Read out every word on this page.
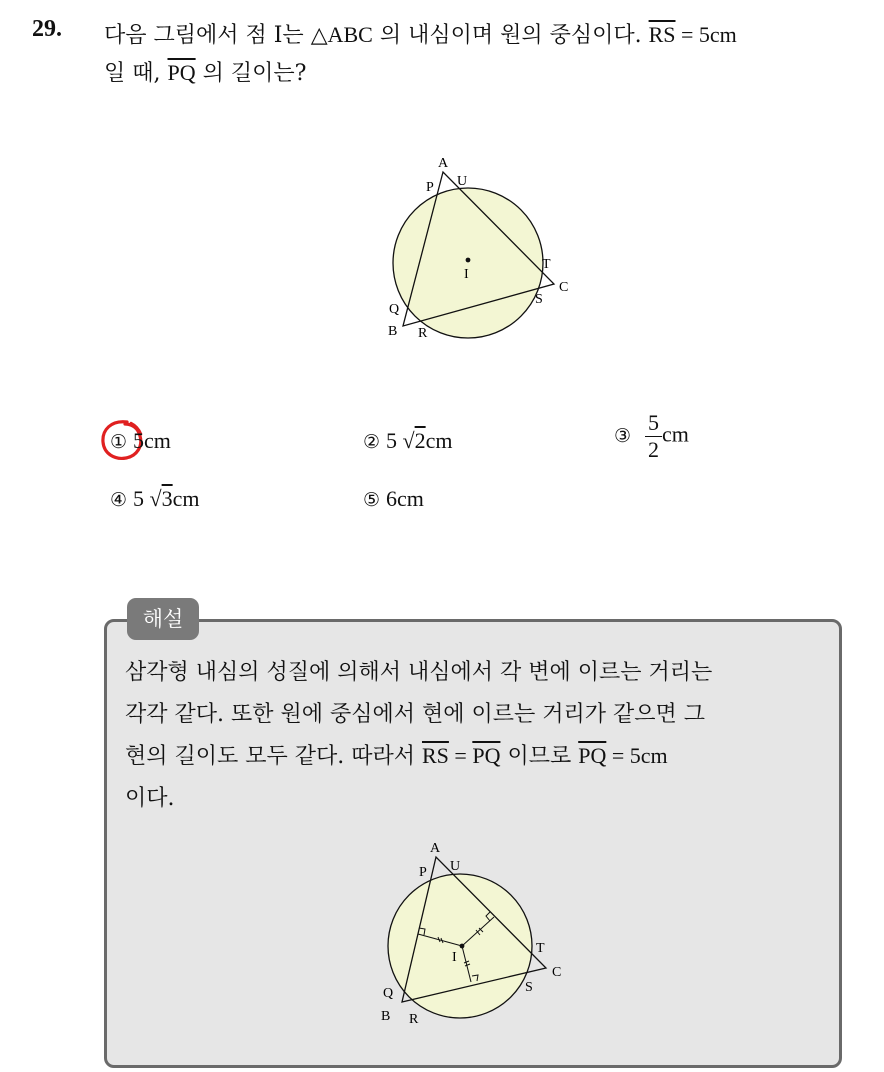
29. 다음 그림에서 점 I는 △ABC 의 내심이며 원의 중심이다. $\overline{RS} = 5cm$
일 때, $\overline{PQ}$ 의 길이는?
A
P U
T
C
S
I
Q
B R
① 5cm	② 5 √2cm	③ $\frac{5}{2}$ cm
④ 5 √3cm	⑤ 6cm
해설
삼각형 내심의 성질에 의해서 내심에서 각 변에 이르는 거리는
각각 같다. 또한 원에 중심에서 현에 이르는 거리가 같으면 그
현의 길이도 모두 같다. 따라서 $\overline{RS} = \overline{PQ}$ 이므로 $\overline{PQ} = 5cm$
이다.
A
P U
T
C
S
I
Q
B R
